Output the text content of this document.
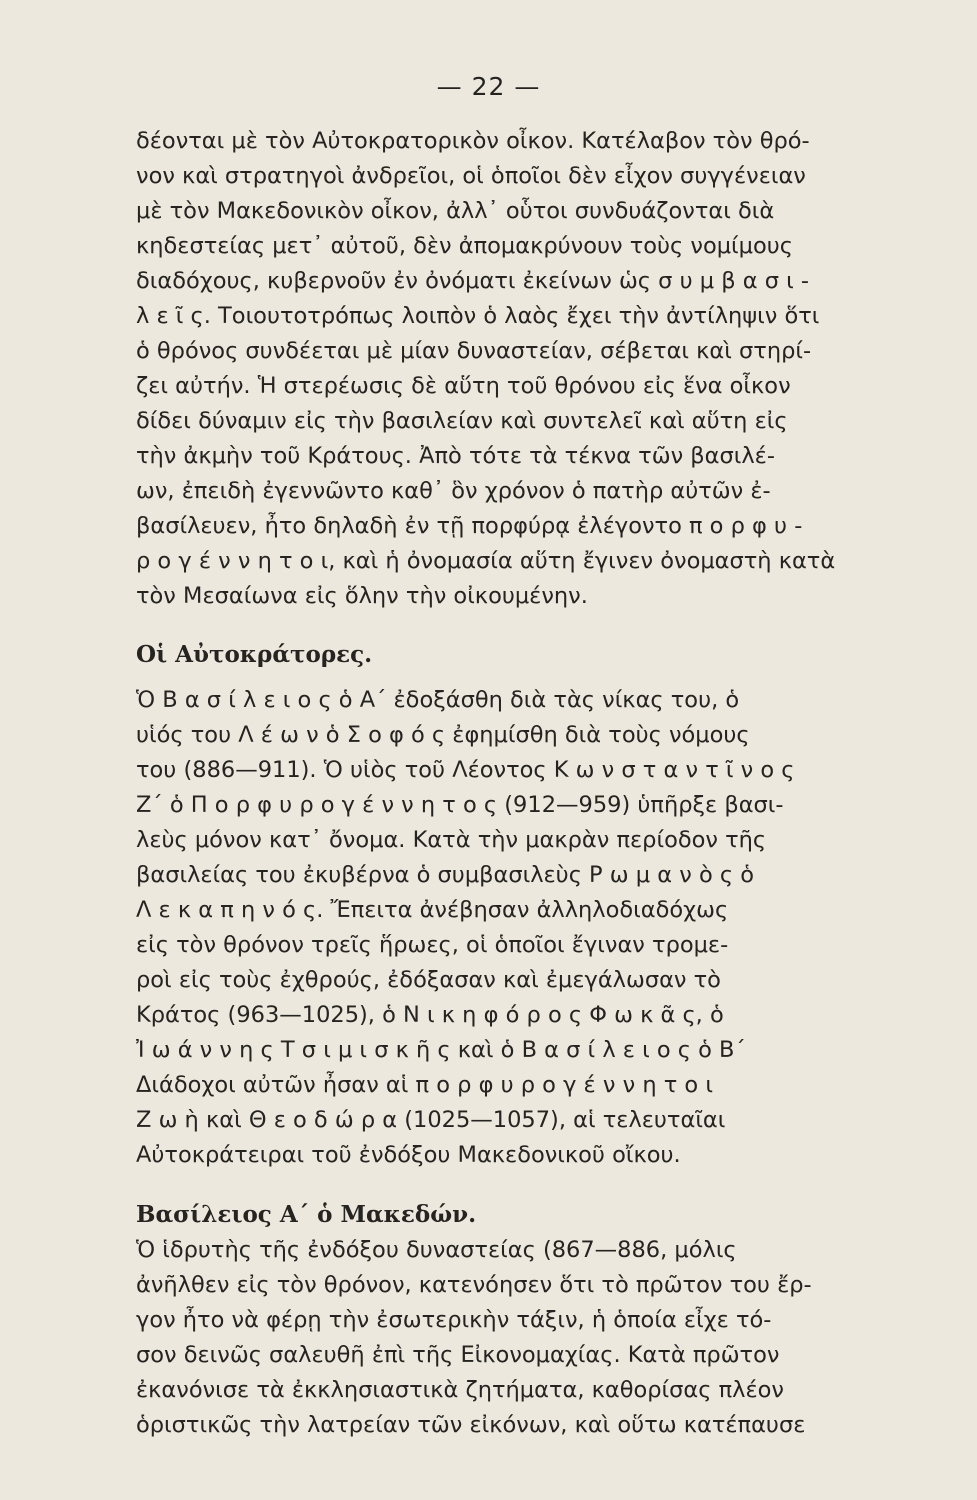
— 22 —
δέονται μὲ τὸν Αὐτοκρατορικὸν οἶκον. Κατέλαβον τὸν θρό-
νον καὶ στρατηγοὶ ἀνδρεῖοι, οἱ ὁποῖοι δὲν εἶχον συγγένειαν
μὲ τὸν Μακεδονικὸν οἶκον, ἀλλ᾽ οὗτοι συνδυάζονται διὰ
κηδεστείας μετ᾽ αὐτοῦ, δὲν ἀπομακρύνουν τοὺς νομίμους
διαδόχους, κυβερνοῦν ἐν ὀνόματι ἐκείνων ὡς σ υ μ β α σ ι -
λ ε ῖ ς. Τοιουτοτρόπως λοιπὸν ὁ λαὸς ἔχει τὴν ἀντίληψιν ὅτι
ὁ θρόνος συνδέεται μὲ μίαν δυναστείαν, σέβεται καὶ στηρί-
ζει αὐτήν. Ἡ στερέωσις δὲ αὕτη τοῦ θρόνου εἰς ἕνα οἶκον
δίδει δύναμιν εἰς τὴν βασιλείαν καὶ συντελεῖ καὶ αὕτη εἰς
τὴν ἀκμὴν τοῦ Κράτους. Ἀπὸ τότε τὰ τέκνα τῶν βασιλέ-
ων, ἐπειδὴ ἐγεννῶντο καθ᾽ ὃν χρόνον ὁ πατὴρ αὐτῶν ἐ-
βασίλευεν, ἦτο δηλαδὴ ἐν τῇ πορφύρᾳ ἐλέγοντο π ο ρ φ υ -
ρ ο γ έ ν ν η τ ο ι, καὶ ἡ ὀνομασία αὕτη ἔγινεν ὀνομαστὴ κατὰ
τὸν Μεσαίωνα εἰς ὅλην τὴν οἰκουμένην.
Οἱ Αὐτοκράτορες.
Ὁ Β α σ ί λ ε ι ο ς ὁ Α΄ ἐδοξάσθη διὰ τὰς νίκας του, ὁ
υἱός του Λ έ ω ν ὁ Σ ο φ ό ς ἐφημίσθη διὰ τοὺς νόμους
του (886—911). Ὁ υἱὸς τοῦ Λέοντος Κ ω ν σ τ α ν τ ῖ ν ο ς
Ζ΄ ὁ Π ο ρ φ υ ρ ο γ έ ν ν η τ ο ς (912—959) ὑπῆρξε βασι-
λεὺς μόνον κατ᾽ ὄνομα. Κατὰ τὴν μακρὰν περίοδον τῆς
βασιλείας του ἐκυβέρνα ὁ συμβασιλεὺς Ρ ω μ α ν ὸ ς ὁ
Λ ε κ α π η ν ό ς. Ἔπειτα ἀνέβησαν ἀλληλοδιαδόχως
εἰς τὸν θρόνον τρεῖς ἥρωες, οἱ ὁποῖοι ἔγιναν τρομε-
ροὶ εἰς τοὺς ἐχθρούς, ἐδόξασαν καὶ ἐμεγάλωσαν τὸ
Κράτος (963—1025), ὁ Ν ι κ η φ ό ρ ο ς Φ ω κ ᾶ ς, ὁ
Ἰ ω ά ν ν η ς Τ σ ι μ ι σ κ ῆ ς καὶ ὁ Β α σ ί λ ε ι ο ς ὁ Β΄
Διάδοχοι αὐτῶν ἦσαν αἱ π ο ρ φ υ ρ ο γ έ ν ν η τ ο ι
Ζ ω ὴ καὶ Θ ε ο δ ώ ρ α (1025—1057), αἱ τελευταῖαι
Αὐτοκράτειραι τοῦ ἐνδόξου Μακεδονικοῦ οἴκου.
Βασίλειος Α΄ ὁ Μακεδών.
Ὁ ἱδρυτὴς τῆς ἐνδόξου δυναστείας (867—886, μόλις
ἀνῆλθεν εἰς τὸν θρόνον, κατενόησεν ὅτι τὸ πρῶτον του ἔρ-
γον ἦτο νὰ φέρῃ τὴν ἐσωτερικὴν τάξιν, ἡ ὁποία εἶχε τό-
σον δεινῶς σαλευθῆ ἐπὶ τῆς Εἰκονομαχίας. Κατὰ πρῶτον
ἐκανόνισε τὰ ἐκκλησιαστικὰ ζητήματα, καθορίσας πλέον
ὁριστικῶς τὴν λατρείαν τῶν εἰκόνων, καὶ οὕτω κατέπαυσε
